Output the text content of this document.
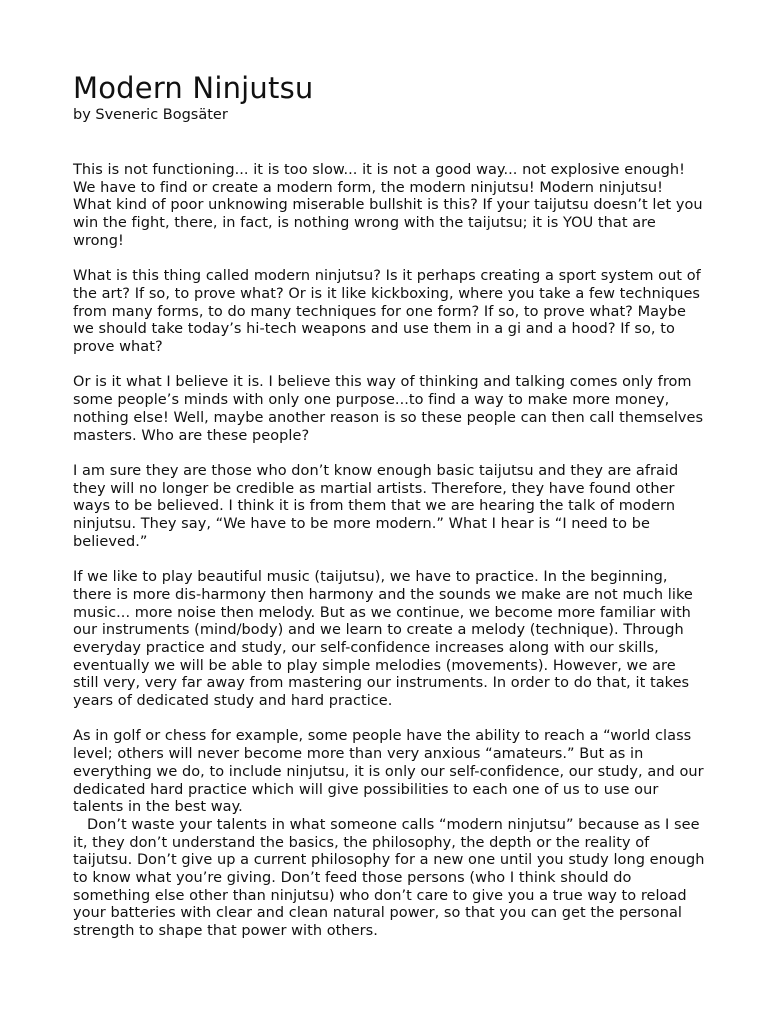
Modern Ninjutsu

by Sveneric Bogsäter

This is not functioning... it is too slow... it is not a good way... not explosive enough! We have to find or create a modern form, the modern ninjutsu! Modern ninjutsu! What kind of poor unknowing miserable bullshit is this? If your taijutsu doesn’t let you win the fight, there, in fact, is nothing wrong with the taijutsu; it is YOU that are wrong!

What is this thing called modern ninjutsu? Is it perhaps creating a sport system out of the art? If so, to prove what? Or is it like kickboxing, where you take a few techniques from many forms, to do many techniques for one form? If so, to prove what? Maybe we should take today’s hi-tech weapons and use them in a gi and a hood? If so, to prove what?

Or is it what I believe it is. I believe this way of thinking and talking comes only from some people’s minds with only one purpose...to find a way to make more money, nothing else! Well, maybe another reason is so these people can then call themselves masters. Who are these people?

I am sure they are those who don’t know enough basic taijutsu and they are afraid they will no longer be credible as martial artists. Therefore, they have found other ways to be believed. I think it is from them that we are hearing the talk of modern ninjutsu. They say, “We have to be more modern.” What I hear is “I need to be believed.”

If we like to play beautiful music (taijutsu), we have to practice. In the beginning, there is more dis-harmony then harmony and the sounds we make are not much like music... more noise then melody. But as we continue, we become more familiar with our instruments (mind/body) and we learn to create a melody (technique). Through everyday practice and study, our self-confidence increases along with our skills, eventually we will be able to play simple melodies (movements). However, we are still very, very far away from mastering our instruments. In order to do that, it takes years of dedicated study and hard practice.

As in golf or chess for example, some people have the ability to reach a “world class level; others will never become more than very anxious “amateurs.” But as in everything we do, to include ninjutsu, it is only our self-confidence, our study, and our dedicated hard practice which will give possibilities to each one of us to use our talents in the best way.

Don’t waste your talents in what someone calls “modern ninjutsu” because as I see it, they don’t understand the basics, the philosophy, the depth or the reality of taijutsu. Don’t give up a current philosophy for a new one until you study long enough to know what you’re giving. Don’t feed those persons (who I think should do something else other than ninjutsu) who don’t care to give you a true way to reload your batteries with clear and clean natural power, so that you can get the personal strength to shape that power with others.
